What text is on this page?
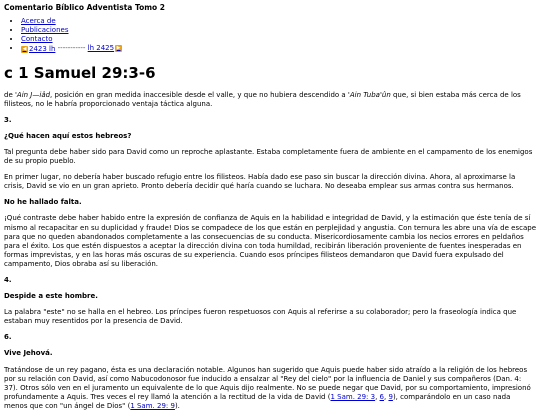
Comentario Bíblico Adventista Tomo 2
• Acerca de
• Publicaciones
• Contacto
• ◀ 2423 lh ----------- lh 2425 ▶
c 1 Samuel 29:3-6

de 'Ain J—iâd, posición en gran medida inaccesible desde el valle, y que no hubiera descendido a 'Ain Tuba'ûn que, si bien estaba más cerca de los filisteos, no le habría proporcionado ventaja táctica alguna.

3.
¿Qué hacen aquí estos hebreos?

Tal pregunta debe haber sido para David como un reproche aplastante. Estaba completamente fuera de ambiente en el campamento de los enemigos de su propio pueblo.

En primer lugar, no debería haber buscado refugio entre los filisteos. Había dado ese paso sin buscar la dirección divina. Ahora, al aproximarse la crisis, David se vio en un gran aprieto. Pronto debería decidir qué haría cuando se luchara. No deseaba emplear sus armas contra sus hermanos.

No he hallado falta.

¡Qué contraste debe haber habido entre la expresión de confianza de Aquis en la habilidad e integridad de David, y la estimación que éste tenía de sí mismo al recapacitar en su duplicidad y fraude! Dios se compadece de los que están en perplejidad y angustia. Con ternura les abre una vía de escape para que no queden abandonados completamente a las consecuencias de su conducta. Misericordiosamente cambia los necios errores en peldaños para el éxito. Los que estén dispuestos a aceptar la dirección divina con toda humildad, recibirán liberación proveniente de fuentes inesperadas en formas imprevistas, y en las horas más oscuras de su experiencia. Cuando esos príncipes filisteos demandaron que David fuera expulsado del campamento, Dios obraba así su liberación.

4.
Despide a este hombre.

La palabra "este" no se halla en el hebreo. Los príncipes fueron respetuosos con Aquis al referirse a su colaborador; pero la fraseología indica que estaban muy resentidos por la presencia de David.

6.
Vive Jehová.

Tratándose de un rey pagano, ésta es una declaración notable. Algunos han sugerido que Aquis puede haber sido atraído a la religión de los hebreos por su relación con David, así como Nabucodonosor fue inducido a ensalzar al "Rey del cielo" por la influencia de Daniel y sus compañeros (Dan. 4: 37). Otros sólo ven en el juramento un equivalente de lo que Aquis dijo realmente. No se puede negar que David, por su comportamiento, impresionó profundamente a Aquis. Tres veces el rey llamó la atención a la rectitud de la vida de David (1 Sam. 29: 3, 6, 9), comparándolo en un caso nada menos que con "un ángel de Dios" (1 Sam. 29: 9).
